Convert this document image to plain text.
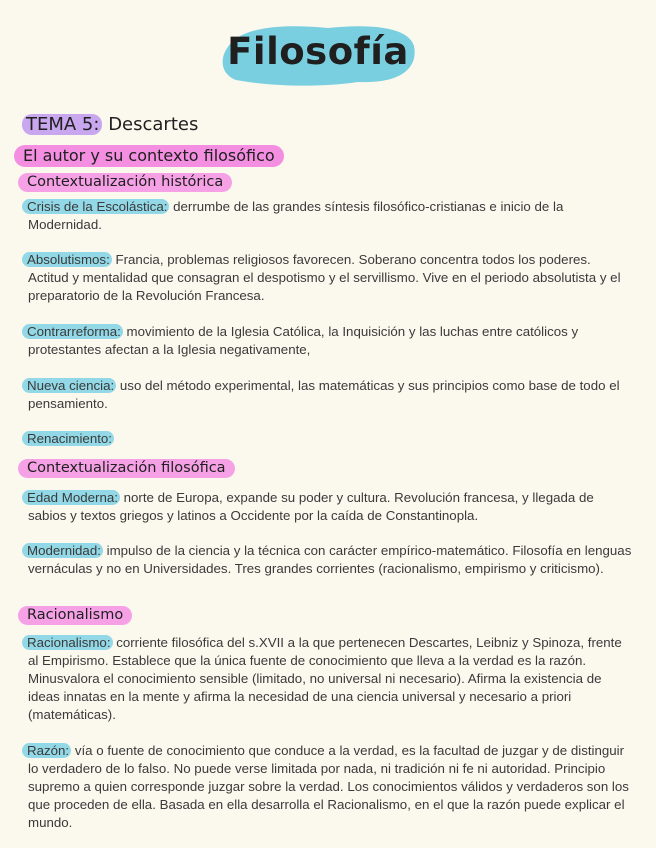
Filosofía
TEMA 5: Descartes
El autor y su contexto filosófico
Contextualización histórica
Crisis de la Escolástica: derrumbe de las grandes síntesis filosófico-cristianas e inicio de la Modernidad.
Absolutismos: Francia, problemas religiosos favorecen. Soberano concentra todos los poderes. Actitud y mentalidad que consagran el despotismo y el servillismo. Vive en el periodo absolutista y el preparatorio de la Revolución Francesa.
Contrarreforma: movimiento de la Iglesia Católica, la Inquisición y las luchas entre católicos y protestantes afectan a la Iglesia negativamente,
Nueva ciencia: uso del método experimental, las matemáticas y sus principios como base de todo el pensamiento.
Renacimiento:
Contextualización filosófica
Edad Moderna: norte de Europa, expande su poder y cultura. Revolución francesa, y llegada de sabios y textos griegos y latinos a Occidente por la caída de Constantinopla.
Modernidad: impulso de la ciencia y la técnica con carácter empírico-matemático. Filosofía en lenguas vernáculas y no en Universidades. Tres grandes corrientes (racionalismo, empirismo y criticismo).
Racionalismo
Racionalismo: corriente filosófica del s.XVII a la que pertenecen Descartes, Leibniz y Spinoza, frente al Empirismo. Establece que la única fuente de conocimiento que lleva a la verdad es la razón. Minusvalora el conocimiento sensible (limitado, no universal ni necesario). Afirma la existencia de ideas innatas en la mente y afirma la necesidad de una ciencia universal y necesario a priori (matemáticas).
Razón: vía o fuente de conocimiento que conduce a la verdad, es la facultad de juzgar y de distinguir lo verdadero de lo falso. No puede verse limitada por nada, ni tradición ni fe ni autoridad. Principio supremo a quien corresponde juzgar sobre la verdad. Los conocimientos válidos y verdaderos son los que proceden de ella. Basada en ella desarrolla el Racionalismo, en el que la razón puede explicar el mundo.
